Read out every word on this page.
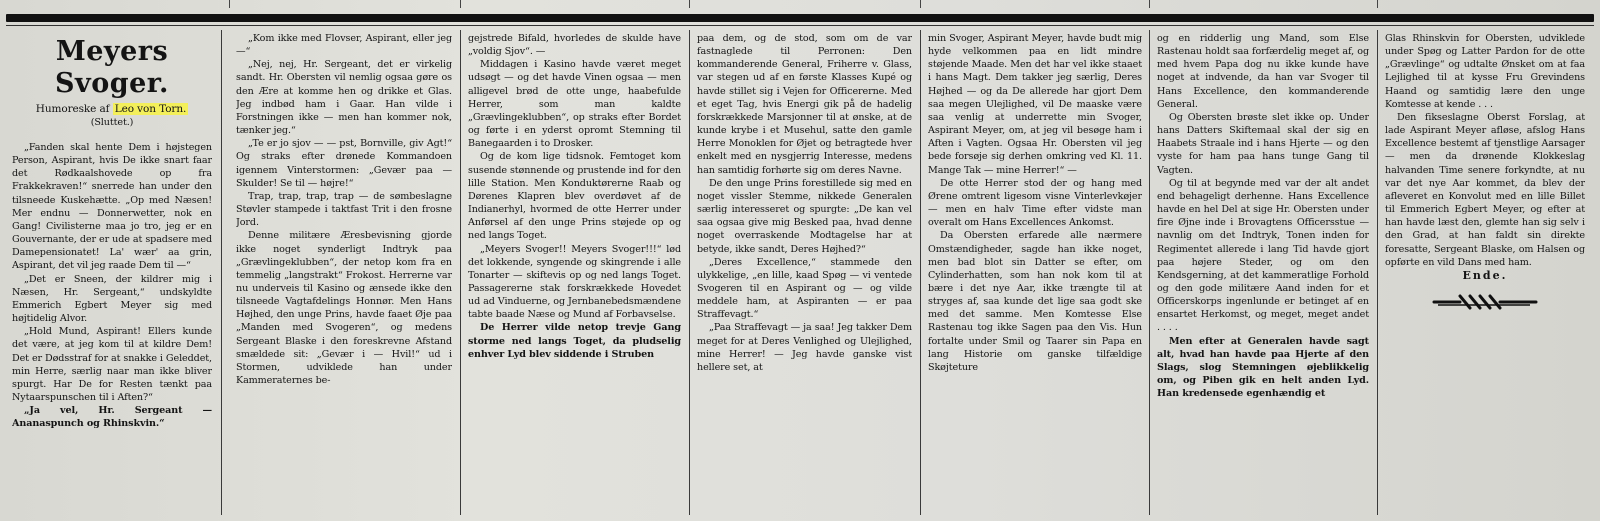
Meyers Svoger.
Humoreske af Leo von Torn.
(Sluttet.)

„Fanden skal hente Dem i højstegen Person, Aspirant, hvis De ikke snart faar det Rødkaalshovede op fra Frakkekraven!“ snerrede han under den tilsneede Kuskehætte. „Op med Næsen! Mer endnu — Donnerwetter, nok en Gang! Civilisterne maa jo tro, jeg er en Gouvernante, der er ude at spadsere med Damepensionatet! La' wær' aa grin, Aspirant, det vil jeg raade Dem til —“

„Det er Sneen, der kildrer mig i Næsen, Hr. Sergeant,“ undskyldte Emmerich Egbert Meyer sig med højtidelig Alvor.

„Hold Mund, Aspirant! Ellers kunde det være, at jeg kom til at kildre Dem! Det er Dødsstraf for at snakke i Geleddet, min Herre, særlig naar man ikke bliver spurgt. Har De for Resten tænkt paa Nytaarspunschen til i Aften?“

„Ja vel, Hr. Sergeant — Ananaspunch og Rhinskvin.“

„Kom ikke med Flovser, Aspirant, eller jeg —“

„Nej, nej, Hr. Sergeant, det er virkelig sandt. Hr. Obersten vil nemlig ogsaa gøre os den Ære at komme hen og drikke et Glas. Jeg indbød ham i Gaar. Han vilde i Forstningen ikke — men han kommer nok, tænker jeg.“

„Te er jo sjov — — pst, Bornville, giv Agt!“ Og straks efter drønede Kommandoen igennem Vinterstormen: „Gevær paa — Skulder! Se til — højre!“

Trap, trap, trap, trap — de sømbeslagne Støvler stampede i taktfast Trit i den frosne Jord.

Denne militære Æresbevisning gjorde ikke noget synderligt Indtryk paa „Grævlingeklubben“, der netop kom fra en temmelig „langstrakt“ Frokost. Herrerne var nu underveis til Kasino og ænsede ikke den tilsneede Vagtafdelings Honnør. Men Hans Højhed, den unge Prins, havde faaet Øje paa „Manden med Svogeren“, og medens Sergeant Blaske i den foreskrevne Afstand smældede sit: „Gevær i — Hvil!“ ud i Stormen, udviklede han under Kammeraternes be-

gejstrede Bifald, hvorledes de skulde have „voldig Sjov“. —

Middagen i Kasino havde været meget udsøgt — og det havde Vinen ogsaa — men alligevel brød de otte unge, haabefulde Herrer, som man kaldte „Grævlingeklubben“, op straks efter Bordet og førte i en yderst opromt Stemning til Banegaarden i to Drosker.

Og de kom lige tidsnok. Femtoget kom susende stønnende og prustende ind for den lille Station. Men Konduktørerne Raab og Dørenes Klapren blev overdøvet af de Indianerhyl, hvormed de otte Herrer under Anførsel af den unge Prins støjede op og ned langs Toget.

„Meyers Svoger!! Meyers Svoger!!!“ lød det lokkende, syngende og skingrende i alle Tonarter — skiftevis op og ned langs Toget. Passagererne stak forskrækkede Hovedet ud ad Vinduerne, og Jernbanebedsmændene tabte baade Næse og Mund af Forbavselse.

De Herrer vilde netop trevje Gang storme ned langs Toget, da pludselig enhver Lyd blev siddende i Struben

paa dem, og de stod, som om de var fastnaglede til Perronen: Den kommanderende General, Friherre v. Glass, var stegen ud af en første Klasses Kupé og havde stillet sig i Vejen for Officererne. Med et eget Tag, hvis Energi gik på de hadelig forskrækkede Marsjonner til at ønske, at de kunde krybe i et Musehul, satte den gamle Herre Monoklen for Øjet og betragtede hver enkelt med en nysgjerrig Interesse, medens han samtidig forhørte sig om deres Navne.

De den unge Prins forestillede sig med en noget vissler Stemme, nikkede Generalen særlig interesseret og spurgte: „De kan vel saa ogsaa give mig Besked paa, hvad denne noget overraskende Modtagelse har at betyde, ikke sandt, Deres Højhed?“

„Deres Excellence,“ stammede den ulykkelige, „en lille, kaad Spøg — vi ventede Svogeren til en Aspirant og — og vilde meddele ham, at Aspiranten — er paa Straffevagt.“

„Paa Straffevagt — ja saa! Jeg takker Dem meget for at Deres Venlighed og Ulejlighed, mine Herrer! — Jeg havde ganske vist hellere set, at

min Svoger, Aspirant Meyer, havde budt mig hyde velkommen paa en lidt mindre støjende Maade. Men det har vel ikke staaet i hans Magt. Dem takker jeg særlig, Deres Højhed — og da De allerede har gjort Dem saa megen Ulejlighed, vil De maaske være saa venlig at underrette min Svoger, Aspirant Meyer, om, at jeg vil besøge ham i Aften i Vagten. Ogsaa Hr. Obersten vil jeg bede forsøje sig derhen omkring ved Kl. 11. Mange Tak — mine Herrer!“ —

De otte Herrer stod der og hang med Ørene omtrent ligesom visne Vinterlevkøjer — men en halv Time efter vidste man overalt om Hans Excellences Ankomst.

Da Obersten erfarede alle nærmere Omstændigheder, sagde han ikke noget, men bad blot sin Datter se efter, om Cylinderhatten, som han nok kom til at bære i det nye Aar, ikke trængte til at stryges af, saa kunde det lige saa godt ske med det samme. Men Komtesse Else Rastenau tog ikke Sagen paa den Vis. Hun fortalte under Smil og Taarer sin Papa en lang Historie om ganske tilfældige Skøjteture

og en ridderlig ung Mand, som Else Rastenau holdt saa forfærdelig meget af, og med hvem Papa dog nu ikke kunde have noget at indvende, da han var Svoger til Hans Excellence, den kommanderende General.

Og Obersten brøste slet ikke op. Under hans Datters Skiftemaal skal der sig en Haabets Straale ind i hans Hjerte — og den vyste for ham paa hans tunge Gang til Vagten.

Og til at begynde med var der alt andet end behageligt derhenne. Hans Excellence havde en hel Del at sige Hr. Obersten under fire Øjne inde i Brovagtens Officersstue — navnlig om det Indtryk, Tonen inden for Regimentet allerede i lang Tid havde gjort paa højere Steder, og om den Kendsgerning, at det kammeratlige Forhold og den gode militære Aand inden for et Officerskorps ingenlunde er betinget af en ensartet Herkomst, og meget, meget andet . . . .

Men efter at Generalen havde sagt alt, hvad han havde paa Hjerte af den Slags, slog Stemningen øjeblikkelig om, og Piben gik en helt anden Lyd. Han kredensede egenhændig et

Glas Rhinskvin for Obersten, udviklede under Spøg og Latter Pardon for de otte „Grævlinge“ og udtalte Ønsket om at faa Lejlighed til at kysse Fru Grevindens Haand og samtidig lære den unge Komtesse at kende . . .

Den fikseslagne Oberst Forslag, at lade Aspirant Meyer afløse, afslog Hans Excellence bestemt af tjenstlige Aarsager — men da drønende Klokkeslag halvanden Time senere forkyndte, at nu var det nye Aar kommet, da blev der afleveret en Konvolut med en lille Billet til Emmerich Egbert Meyer, og efter at han havde læst den, glemte han sig selv i den Grad, at han faldt sin direkte foresatte, Sergeant Blaske, om Halsen og opførte en vild Dans med ham.

Ende.
